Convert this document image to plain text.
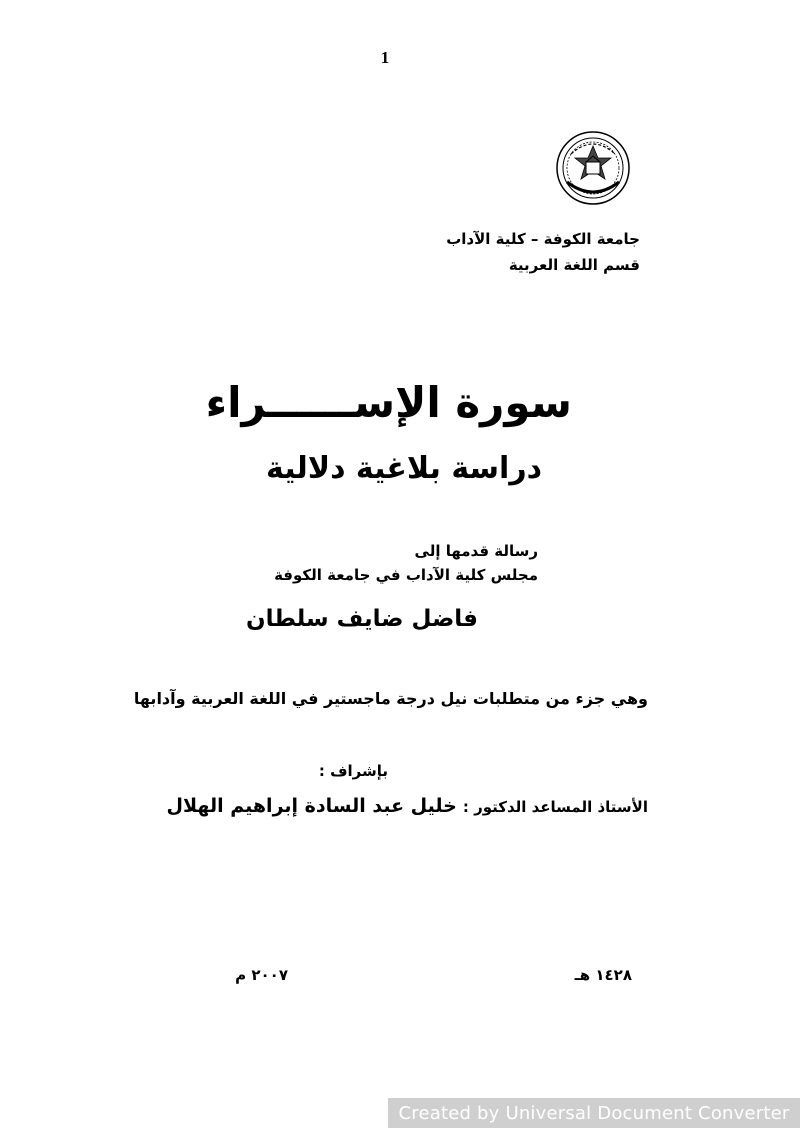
1
جامعة الكوفة – كلية الآداب
قسم اللغة العربية
سورة الإســــــراء
دراسة بلاغية دلالية
رسالة قدمها إلى
مجلس كلية الآداب في جامعة الكوفة
فاضل ضايف سلطان
وهي جزء من متطلبات نيل درجة ماجستير في اللغة العربية وآدابها
بإشراف :
الأستاذ المساعد الدكتور :
خليل عبد السادة إبراهيم الهلال
١٤٢٨ هـ
٢٠٠٧ م
Created by Universal Document Converter
